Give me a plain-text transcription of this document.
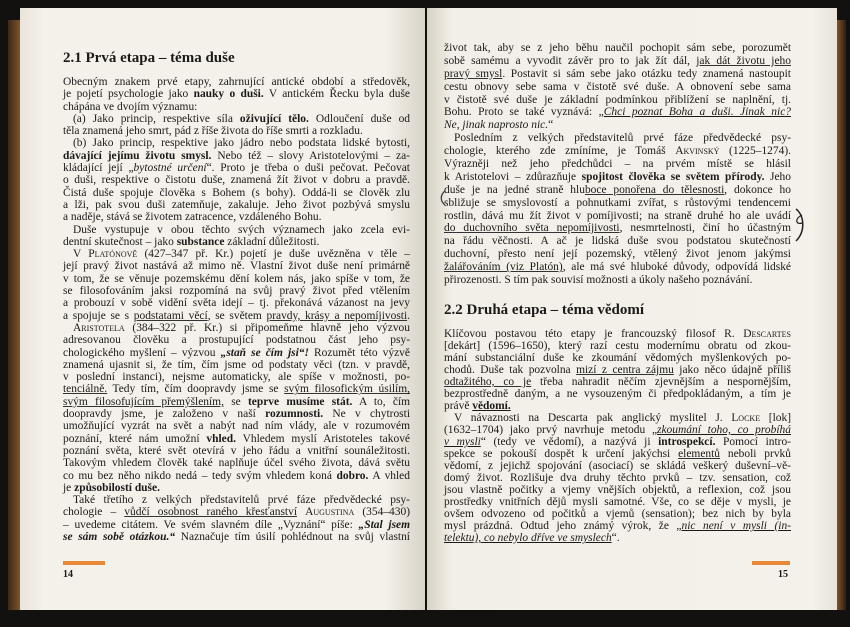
2.1 Prvá etapa – téma duše
Obecným znakem prvé etapy, zahrnující antické období a středověk,
je pojetí psychologie jako nauky o duši. V antickém Řecku byla duše
chápána ve dvojím významu:
(a) Jako princip, respektive síla oživující tělo. Odloučení duše od
těla znamená jeho smrt, pád z říše života do říše smrti a rozkladu.
(b) Jako princip, respektive jako jádro nebo podstata lidské bytosti,
dávající jejímu životu smysl. Nebo též – slovy Aristotelovými – za-
kládající její „bytostné určení“. Proto je třeba o duši pečovat. Pečovat
o duši, respektive o čistotu duše, znamená žít život v dobru a pravdě.
Čistá duše spojuje člověka s Bohem (s bohy). Oddá-li se člověk zlu
a lži, pak svou duši zatemňuje, zakaluje. Jeho život pozbývá smyslu
a naděje, stává se životem zatracence, vzdáleného Bohu.
Duše vystupuje v obou těchto svých významech jako zcela evi-
dentní skutečnost – jako substance základní důležitosti.
V Platónově (427–347 př. Kr.) pojetí je duše uvězněna v těle –
její pravý život nastává až mimo ně. Vlastní život duše není primárně
v tom, že se věnuje pozemskému dění kolem nás, jako spíše v tom, že
se filosofováním jaksi rozpomíná na svůj pravý život před vtělením
a probouzí v sobě vidění světa idejí – tj. překonává vázanost na jevy
a spojuje se s podstatami věcí, se světem pravdy, krásy a nepomíjivosti.
Aristotela (384–322 př. Kr.) si připomeňme hlavně jeho výzvou
adresovanou člověku a prostupující podstatnou část jeho psy-
chologického myšlení – výzvou „staň se čím jsi“! Rozumět této výzvě
znamená ujasnit si, že tím, čím jsme od podstaty věci (tzn. v pravdě,
v poslední instanci), nejsme automaticky, ale spíše v možnosti, po-
tenciálně. Tedy tím, čím doopravdy jsme se svým filosofickým úsilím,
svým filosofujícím přemýšlením, se teprve musíme stát. A to, čím
doopravdy jsme, je založeno v naší rozumnosti. Ne v chytrosti
umožňující vyzrát na svět a nabýt nad ním vlády, ale v rozumovém
poznání, které nám umožní vhled. Vhledem myslí Aristoteles takové
poznání světa, které svět otevírá v jeho řádu a vnitřní sounáležitosti.
Takovým vhledem člověk také naplňuje účel svého života, dává světu
co mu bez něho nikdo nedá – tedy svým vhledem koná dobro. A vhled
je způsobilostí duše.
Také třetího z velkých představitelů prvé fáze předvědecké psy-
chologie – vůdčí osobnost raného křesťanství Augustina (354–430)
– uvedeme citátem. Ve svém slavném díle „Vyznání“ píše: „Stal jsem
se sám sobě otázkou.“ Naznačuje tím úsilí pohlédnout na svůj vlastní
14
život tak, aby se z jeho běhu naučil pochopit sám sebe, porozumět
sobě samému a vyvodit závěr pro to jak žít dál, jak dát životu jeho
pravý smysl. Postavit si sám sebe jako otázku tedy znamená nastoupit
cestu obnovy sebe sama v čistotě své duše. A obnovení sebe sama
v čistotě své duše je základní podmínkou přiblížení se naplnění, tj.
Bohu. Proto se také vyznává: „Chci poznat Boha a duši. Jinak nic?
Ne, jinak naprosto nic.“
Posledním z velkých představitelů prvé fáze předvědecké psy-
chologie, kterého zde zmíníme, je Tomáš Akvinský (1225–1274).
Výrazněji než jeho předchůdci – na prvém místě se hlásil
k Aristotelovi – zdůrazňuje spojitost člověka se světem přírody. Jeho
duše je na jedné straně hluboce ponořena do tělesnosti, dokonce ho
sbližuje se smyslovostí a pohnutkami zvířat, s růstovými tendencemi
rostlin, dává mu žít život v pomíjivosti; na straně druhé ho ale uvádí
do duchovního světa nepomíjivosti, nesmrtelnosti, činí ho účastným
na řádu věčnosti. A ač je lidská duše svou podstatou skutečností
duchovní, přesto není její pozemský, vtělený život jenom jakýmsi
žalářováním (viz Platón), ale má své hluboké důvody, odpovídá lidské
přirozenosti. S tím pak souvisí možnosti a úkoly našeho poznávání.
2.2 Druhá etapa – téma vědomí
Klíčovou postavou této etapy je francouzský filosof R. Descartes
[dekárt] (1596–1650), který razí cestu modernímu obratu od zkou-
mání substanciální duše ke zkoumání vědomých myšlenkových po-
chodů. Duše tak pozvolna mizí z centra zájmu jako něco údajně příliš
odtažitého, co je třeba nahradit něčím zjevnějším a nespornějším,
bezprostředně daným, a ne vysouzeným či předpokládaným, a tím je
právě vědomí.
V návaznosti na Descarta pak anglický myslitel J. Locke [lok]
(1632–1704) jako prvý navrhuje metodu „zkoumání toho, co probíhá
v mysli“ (tedy ve vědomí), a nazývá ji introspekcí. Pomocí intro-
spekce se pokouší dospět k určení jakýchsi elementů neboli prvků
vědomí, z jejichž spojování (asociací) se skládá veškerý duševní–vě-
domý život. Rozlišuje dva druhy těchto prvků – tzv. sensation, což
jsou vlastně počitky a vjemy vnějších objektů, a reflexion, což jsou
prostředky vnitřních dějů mysli samotné. Vše, co se děje v mysli, je
ovšem odvozeno od počitků a vjemů (sensation); bez nich by byla
mysl prázdná. Odtud jeho známý výrok, že „nic není v mysli (in-
telektu), co nebylo dříve ve smyslech“.
15
